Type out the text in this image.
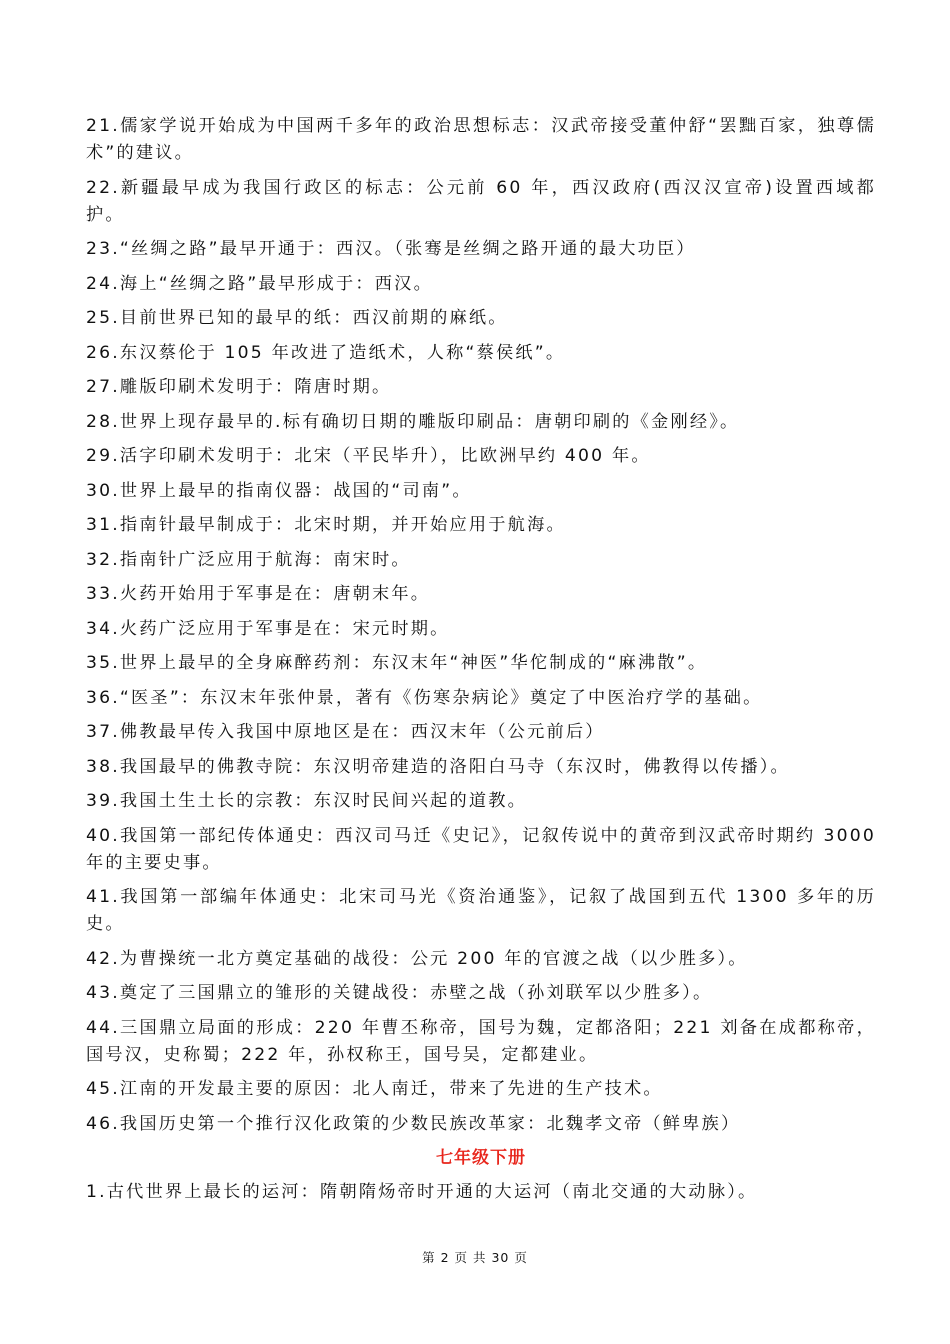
21.儒家学说开始成为中国两千多年的政治思想标志：汉武帝接受董仲舒“罢黜百家，独尊儒术”的建议。

22.新疆最早成为我国行政区的标志：公元前 60 年，西汉政府(西汉汉宣帝)设置西域都护。

23.“丝绸之路”最早开通于：西汉。（张骞是丝绸之路开通的最大功臣）

24.海上“丝绸之路”最早形成于：西汉。

25.目前世界已知的最早的纸：西汉前期的麻纸。

26.东汉蔡伦于 105 年改进了造纸术，人称“蔡侯纸”。

27.雕版印刷术发明于：隋唐时期。

28.世界上现存最早的.标有确切日期的雕版印刷品：唐朝印刷的《金刚经》。

29.活字印刷术发明于：北宋（平民毕升），比欧洲早约 400 年。

30.世界上最早的指南仪器：战国的“司南”。

31.指南针最早制成于：北宋时期，并开始应用于航海。

32.指南针广泛应用于航海：南宋时。

33.火药开始用于军事是在：唐朝末年。

34.火药广泛应用于军事是在：宋元时期。

35.世界上最早的全身麻醉药剂：东汉末年“神医”华佗制成的“麻沸散”。

36.“医圣”：东汉末年张仲景，著有《伤寒杂病论》奠定了中医治疗学的基础。

37.佛教最早传入我国中原地区是在：西汉末年（公元前后）

38.我国最早的佛教寺院：东汉明帝建造的洛阳白马寺（东汉时，佛教得以传播）。

39.我国土生土长的宗教：东汉时民间兴起的道教。

40.我国第一部纪传体通史：西汉司马迁《史记》，记叙传说中的黄帝到汉武帝时期约 3000 年的主要史事。

41.我国第一部编年体通史：北宋司马光《资治通鉴》，记叙了战国到五代 1300 多年的历史。

42.为曹操统一北方奠定基础的战役：公元 200 年的官渡之战（以少胜多）。

43.奠定了三国鼎立的雏形的关键战役：赤壁之战（孙刘联军以少胜多）。

44.三国鼎立局面的形成：220 年曹丕称帝，国号为魏，定都洛阳；221 刘备在成都称帝，国号汉，史称蜀；222 年，孙权称王，国号吴，定都建业。

45.江南的开发最主要的原因：北人南迁，带来了先进的生产技术。

46.我国历史第一个推行汉化政策的少数民族改革家：北魏孝文帝（鲜卑族）

七年级下册

1.古代世界上最长的运河：隋朝隋炀帝时开通的大运河（南北交通的大动脉）。

第 2 页 共 30 页
